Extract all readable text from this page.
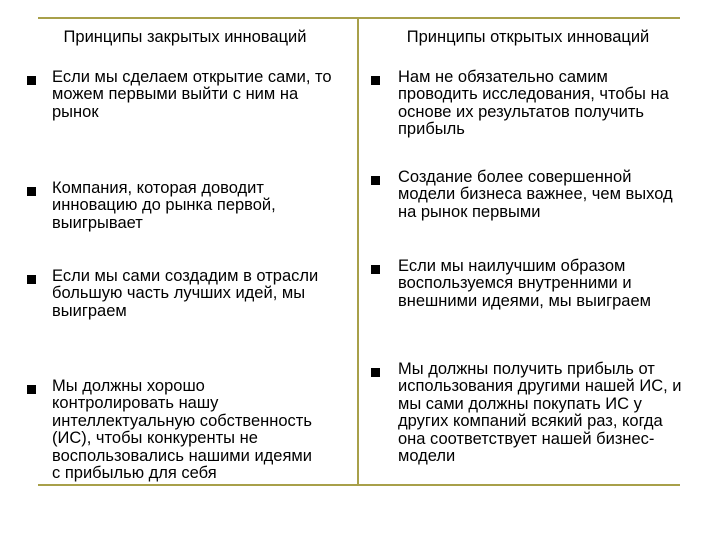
Принципы закрытых инноваций
Если мы сделаем открытие сами, то можем первыми выйти с ним на рынок
Компания, которая доводит инновацию до рынка первой, выигрывает
Если мы сами создадим в отрасли большую часть лучших идей, мы выиграем
Мы должны хорошо контролировать нашу интеллектуальную собственность (ИС), чтобы конкуренты не воспользовались нашими идеями с прибылью для себя
Принципы открытых инноваций
Нам не обязательно самим проводить исследования, чтобы на основе их результатов получить прибыль
Создание более совершенной модели бизнеса важнее, чем выход на рынок первыми
Если мы наилучшим образом воспользуемся внутренними и внешними идеями, мы выиграем
Мы должны получить прибыль от использования другими нашей ИС, и мы сами должны покупать ИС у других компаний всякий раз, когда она соответствует нашей бизнес-модели
